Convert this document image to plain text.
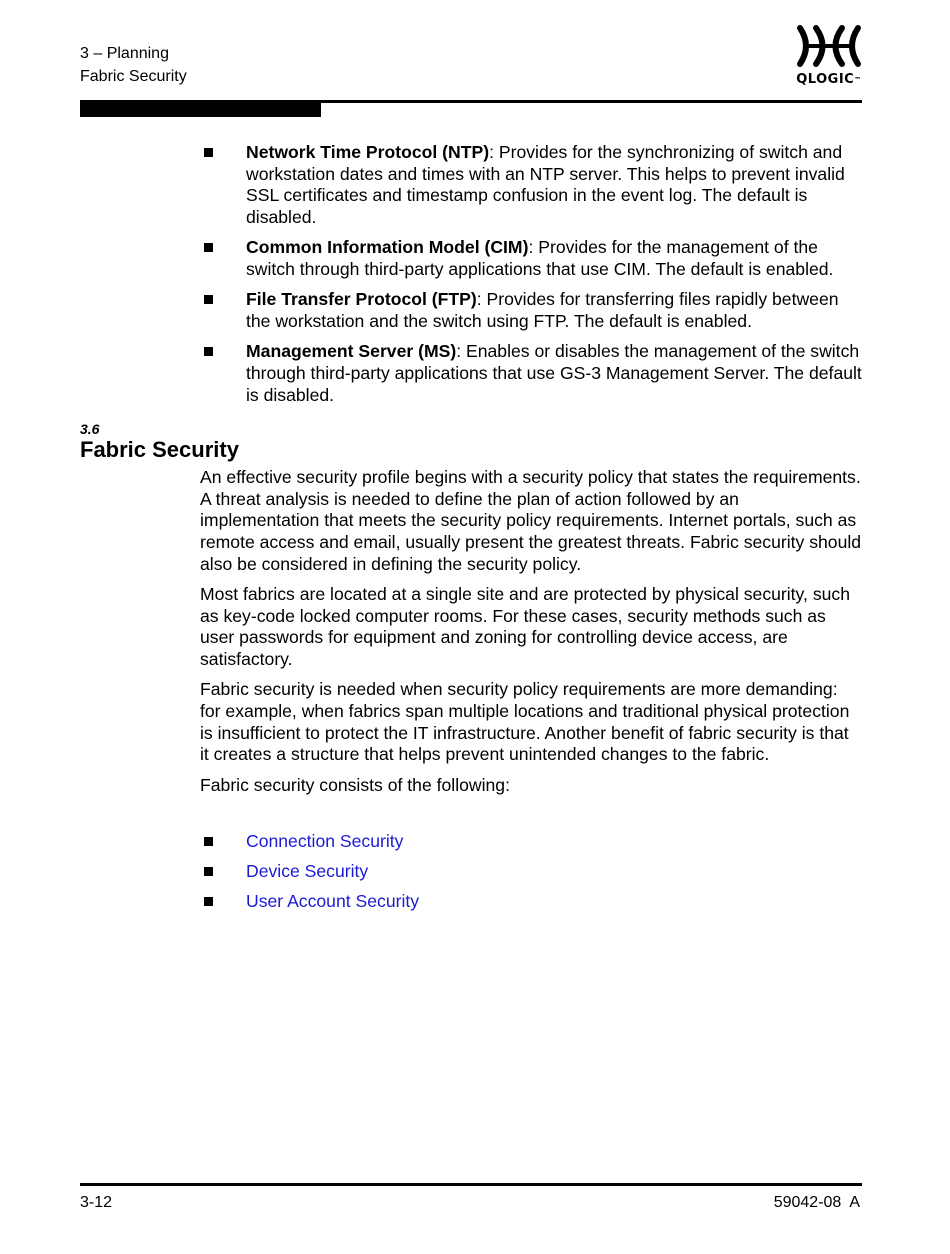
3 – Planning
Fabric Security	QLOGIC™
Network Time Protocol (NTP): Provides for the synchronizing of switch and workstation dates and times with an NTP server. This helps to prevent invalid SSL certificates and timestamp confusion in the event log. The default is disabled.
Common Information Model (CIM): Provides for the management of the switch through third-party applications that use CIM. The default is enabled.
File Transfer Protocol (FTP): Provides for transferring files rapidly between the workstation and the switch using FTP. The default is enabled.
Management Server (MS): Enables or disables the management of the switch through third-party applications that use GS-3 Management Server. The default is disabled.
3.6
Fabric Security

An effective security profile begins with a security policy that states the requirements. A threat analysis is needed to define the plan of action followed by an implementation that meets the security policy requirements. Internet portals, such as remote access and email, usually present the greatest threats. Fabric security should also be considered in defining the security policy.

Most fabrics are located at a single site and are protected by physical security, such as key-code locked computer rooms. For these cases, security methods such as user passwords for equipment and zoning for controlling device access, are satisfactory.

Fabric security is needed when security policy requirements are more demanding: for example, when fabrics span multiple locations and traditional physical protection is insufficient to protect the IT infrastructure. Another benefit of fabric security is that it creates a structure that helps prevent unintended changes to the fabric.

Fabric security consists of the following:

Connection Security
Device Security
User Account Security
3-12	59042-08  A
